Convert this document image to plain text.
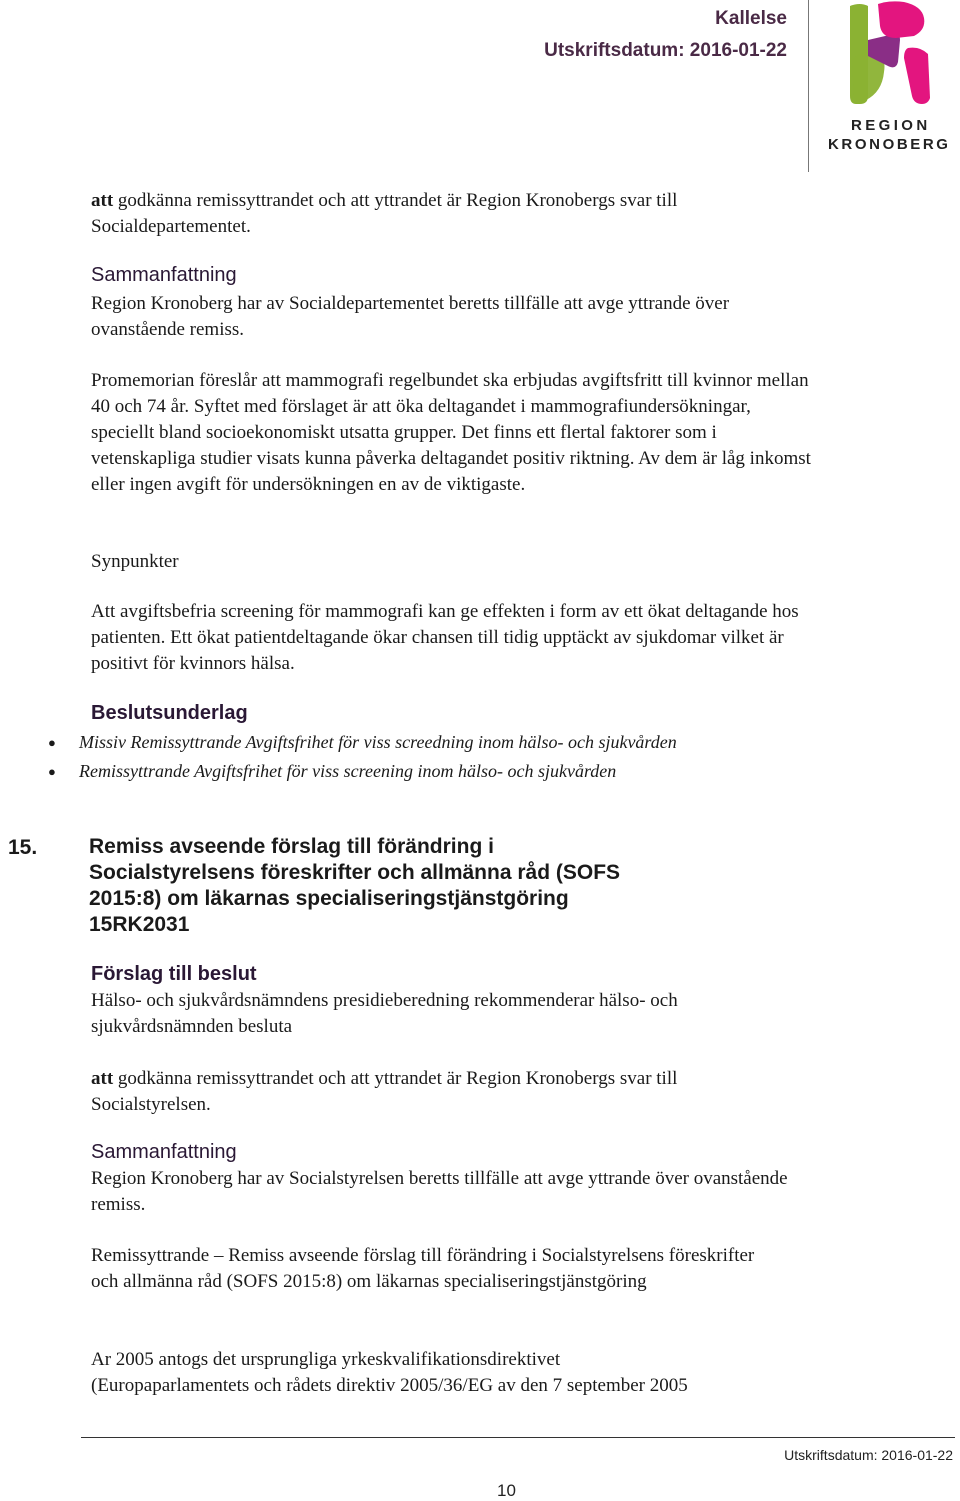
Kallelse
Utskriftsdatum: 2016-01-22
REGION
KRONOBERG

att godkänna remissyttrandet och att yttrandet är Region Kronobergs svar till
Socialdepartementet.

Sammanfattning

Region Kronoberg har av Socialdepartementet beretts tillfälle att avge yttrande över ovanstående remiss.

Promemorian föreslår att mammografi regelbundet ska erbjudas avgiftsfritt till kvinnor mellan 40 och 74 år. Syftet med förslaget är att öka deltagandet i mammografiundersökningar, speciellt bland socioekonomiskt utsatta grupper. Det finns ett flertal faktorer som i vetenskapliga studier visats kunna påverka deltagandet positiv riktning. Av dem är låg inkomst eller ingen avgift för undersökningen en av de viktigaste.

Synpunkter

Att avgiftsbefria screening för mammografi kan ge effekten i form av ett ökat deltagande hos patienten. Ett ökat patientdeltagande ökar chansen till tidig upptäckt av sjukdomar vilket är positivt för kvinnors hälsa.

Beslutsunderlag
● Missiv Remissyttrande Avgiftsfrihet för viss screedning inom hälso- och sjukvården
● Remissyttrande Avgiftsfrihet för viss screening inom hälso- och sjukvården
15. Remiss avseende förslag till förändring i Socialstyrelsens föreskrifter och allmänna råd (SOFS 2015:8) om läkarnas specialiseringstjänstgöring 15RK2031

Förslag till beslut

Hälso- och sjukvårdsnämndens presidieberedning rekommenderar hälso- och sjukvårdsnämnden besluta

att godkänna remissyttrandet och att yttrandet är Region Kronobergs svar till
Socialstyrelsen.

Sammanfattning

Region Kronoberg har av Socialstyrelsen beretts tillfälle att avge yttrande över ovanstående remiss.

Remissyttrande – Remiss avseende förslag till förändring i Socialstyrelsens föreskrifter och allmänna råd (SOFS 2015:8) om läkarnas specialiseringstjänstgöring

Ar 2005 antogs det ursprungliga yrkeskvalifikationsdirektivet
(Europaparlamentets och rådets direktiv 2005/36/EG av den 7 september 2005

Utskriftsdatum: 2016-01-22
10
